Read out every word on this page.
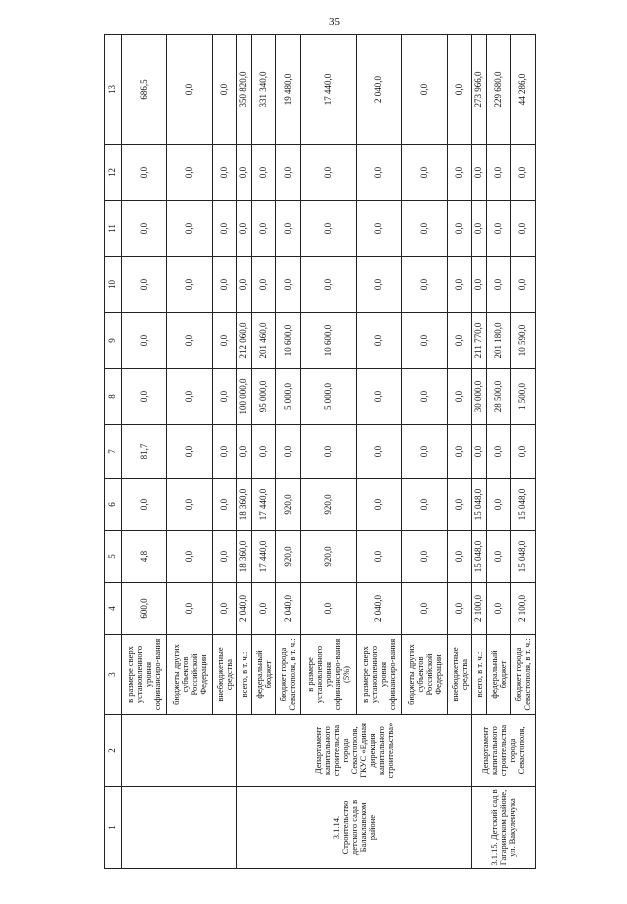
35
1	2	3	4	5	6	7	8	9	10	11	12	13
		в размере сверх установленного уровня софинансиро-вания	600,0	4,8	0,0	81,7	0,0	0,0	0,0	0,0	0,0	686,5
		бюджеты других субъектов Российской Федерации	0,0	0,0	0,0	0,0	0,0	0,0	0,0	0,0	0,0	0,0
		внебюджетные средства	0,0	0,0	0,0	0,0	0,0	0,0	0,0	0,0	0,0	0,0
3.1.14. Строительство детского сада в Балаклавском районе	Департамент капитального строительства города Севастополя, ГКУС «Единая дирекция капитального строительства»	всего, в т. ч.:	2 040,0	18 360,0	18 360,0	0,0	100 000,0	212 060,0	0,0	0,0	0,0	350 820,0
		федеральный бюджет	0,0	17 440,0	17 440,0	0,0	95 000,0	201 460,0	0,0	0,0	0,0	331 340,0
		бюджет города Севастополя, в т. ч.:	2 040,0	920,0	920,0	0,0	5 000,0	10 600,0	0,0	0,0	0,0	19 480,0
		в размере установленного уровня софинансиро-вания (5%)	0,0	920,0	920,0	0,0	5 000,0	10 600,0	0,0	0,0	0,0	17 440,0
		в размере сверх установленного уровня софинансиро-вания	2 040,0	0,0	0,0	0,0	0,0	0,0	0,0	0,0	0,0	2 040,0
		бюджеты других субъектов Российской Федерации	0,0	0,0	0,0	0,0	0,0	0,0	0,0	0,0	0,0	0,0
		внебюджетные средства	0,0	0,0	0,0	0,0	0,0	0,0	0,0	0,0	0,0	0,0
3.1.15. Детский сад в Гагаринском районе, ул. Вакуленчука	Департамент капитального строительства города Севастополя,	всего, в т. ч.:	2 100,0	15 048,0	15 048,0	0,0	30 000,0	211 770,0	0,0	0,0	0,0	273 966,0
		федеральный бюджет	0,0	0,0	0,0	0,0	28 500,0	201 180,0	0,0	0,0	0,0	229 680,0
		бюджет города Севастополя, в т. ч.:	2 100,0	15 048,0	15 048,0	0,0	1 500,0	10 590,0	0,0	0,0	0,0	44 286,0
